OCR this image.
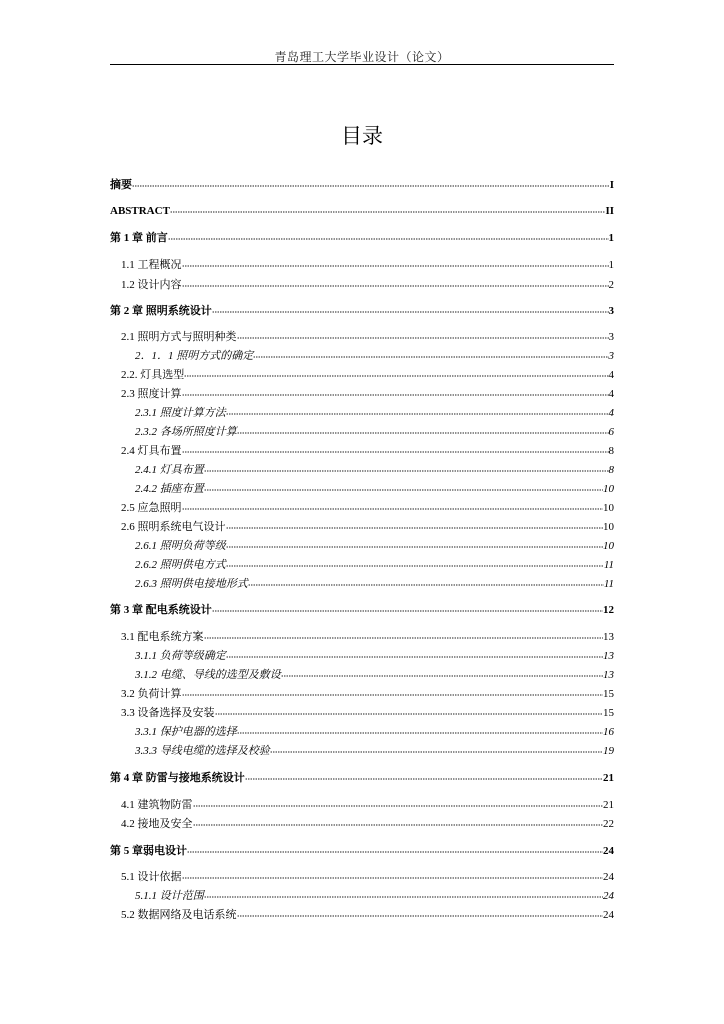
青岛理工大学毕业设计（论文）
目录
摘要	I
ABSTRACT	II
第 1 章 前言	1
1.1 工程概况	1
1.2 设计内容	2
第 2 章 照明系统设计	3
2.1 照明方式与照明种类	3
2．1．1 照明方式的确定	3
2.2. 灯具选型	4
2.3 照度计算	4
2.3.1 照度计算方法	4
2.3.2 各场所照度计算	6
2.4 灯具布置	8
2.4.1 灯具布置	8
2.4.2 插座布置	10
2.5 应急照明	10
2.6 照明系统电气设计	10
2.6.1 照明负荷等级	10
2.6.2 照明供电方式	11
2.6.3 照明供电接地形式	11
第 3 章 配电系统设计	12
3.1 配电系统方案	13
3.1.1 负荷等级确定	13
3.1.2 电缆、导线的选型及敷设	13
3.2 负荷计算	15
3.3 设备选择及安装	15
3.3.1 保护电器的选择	16
3.3.3 导线电缆的选择及校验	19
第 4 章 防雷与接地系统设计	21
4.1 建筑物防雷	21
4.2 接地及安全	22
第 5 章弱电设计	24
5.1 设计依据	24
5.1.1 设计范围	24
5.2 数据网络及电话系统	24
